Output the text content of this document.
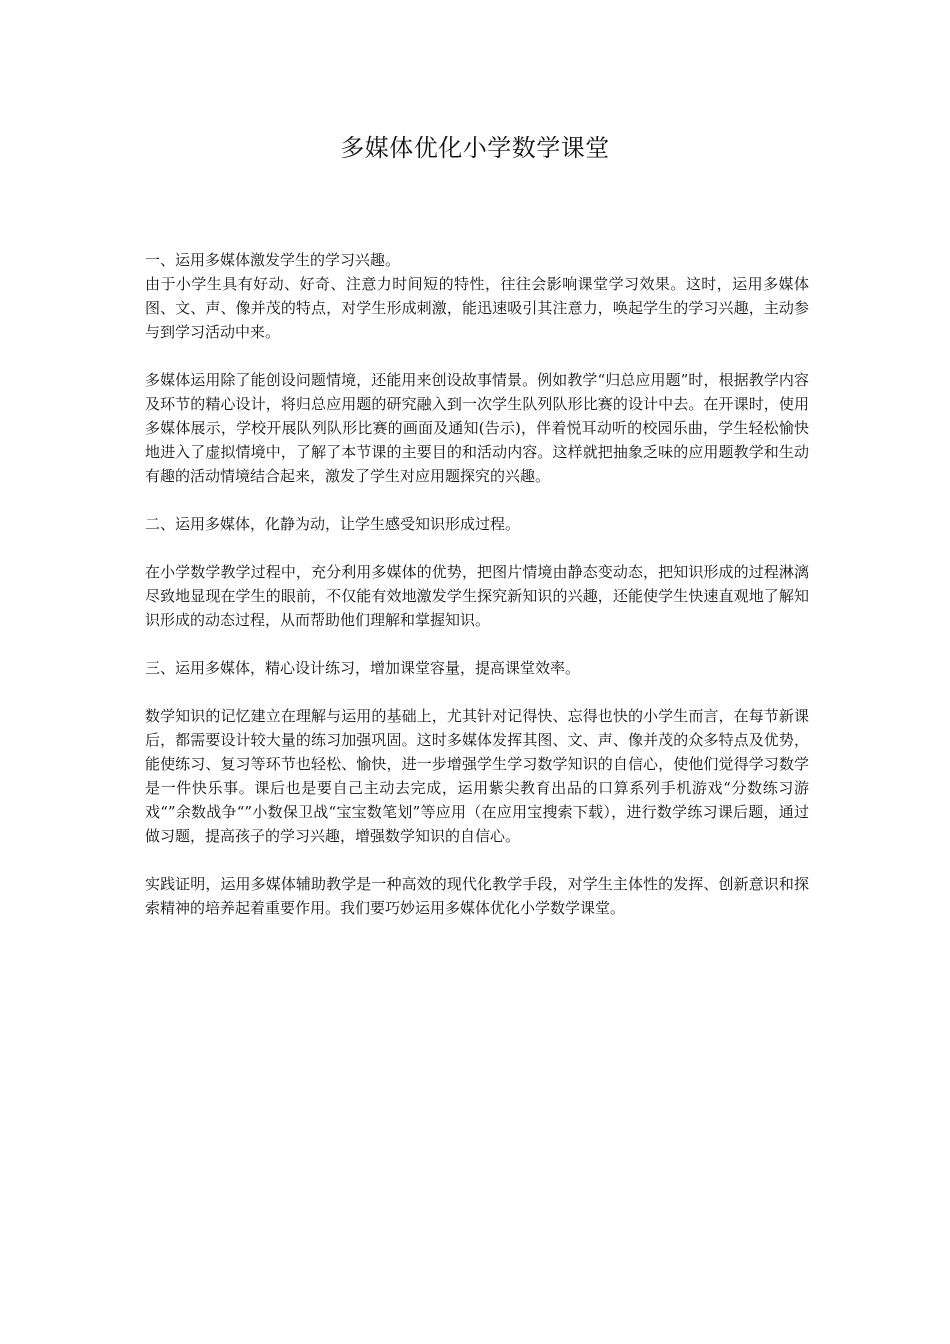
多媒体优化小学数学课堂

一、运用多媒体激发学生的学习兴趣。

由于小学生具有好动、好奇、注意力时间短的特性，往往会影响课堂学习效果。这时，运用多媒体图、文、声、像并茂的特点，对学生形成刺激，能迅速吸引其注意力，唤起学生的学习兴趣，主动参与到学习活动中来。

多媒体运用除了能创设问题情境，还能用来创设故事情景。例如教学“归总应用题”时，根据教学内容及环节的精心设计，将归总应用题的研究融入到一次学生队列队形比赛的设计中去。在开课时，使用多媒体展示，学校开展队列队形比赛的画面及通知(告示)，伴着悦耳动听的校园乐曲，学生轻松愉快地进入了虚拟情境中，了解了本节课的主要目的和活动内容。这样就把抽象乏味的应用题教学和生动有趣的活动情境结合起来，激发了学生对应用题探究的兴趣。

二、运用多媒体，化静为动，让学生感受知识形成过程。

在小学数学教学过程中，充分利用多媒体的优势，把图片情境由静态变动态，把知识形成的过程淋漓尽致地显现在学生的眼前，不仅能有效地激发学生探究新知识的兴趣，还能使学生快速直观地了解知识形成的动态过程，从而帮助他们理解和掌握知识。

三、运用多媒体，精心设计练习，增加课堂容量，提高课堂效率。

数学知识的记忆建立在理解与运用的基础上，尤其针对记得快、忘得也快的小学生而言，在每节新课后，都需要设计较大量的练习加强巩固。这时多媒体发挥其图、文、声、像并茂的众多特点及优势，能使练习、复习等环节也轻松、愉快，进一步增强学生学习数学知识的自信心，使他们觉得学习数学是一件快乐事。课后也是要自己主动去完成，运用紫尖教育出品的口算系列手机游戏“分数练习游戏“”余数战争“”小数保卫战“宝宝数笔划”等应用（在应用宝搜索下载），进行数学练习课后题，通过做习题，提高孩子的学习兴趣，增强数学知识的自信心。

实践证明，运用多媒体辅助教学是一种高效的现代化教学手段，对学生主体性的发挥、创新意识和探索精神的培养起着重要作用。我们要巧妙运用多媒体优化小学数学课堂。
